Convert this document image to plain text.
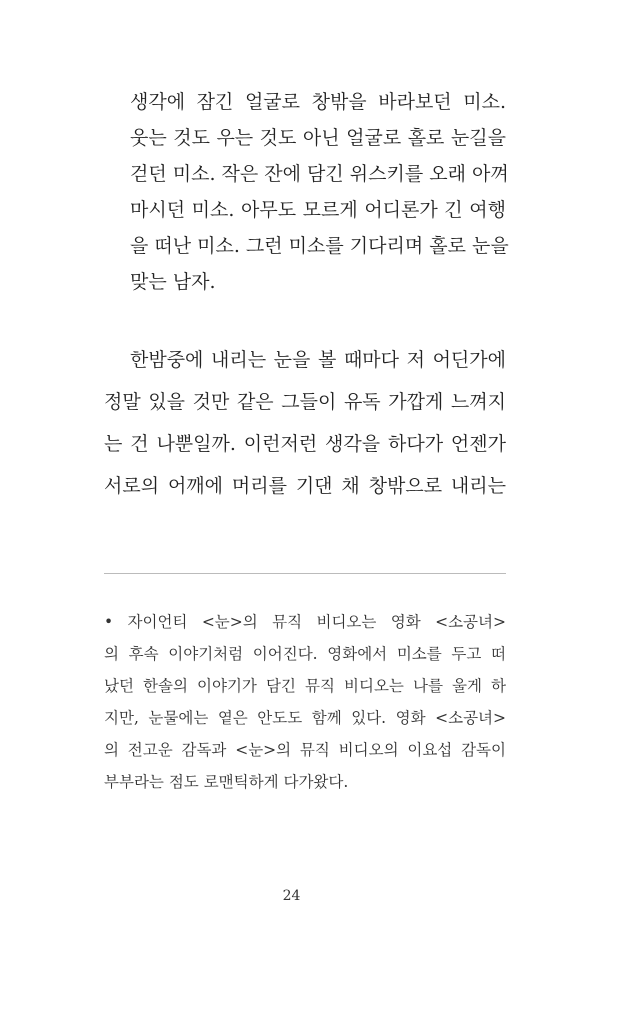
생각에 잠긴 얼굴로 창밖을 바라보던 미소.
웃는 것도 우는 것도 아닌 얼굴로 홀로 눈길을
걷던 미소. 작은 잔에 담긴 위스키를 오래 아껴
마시던 미소. 아무도 모르게 어디론가 긴 여행
을 떠난 미소. 그런 미소를 기다리며 홀로 눈을
맞는 남자.
한밤중에 내리는 눈을 볼 때마다 저 어딘가에
정말 있을 것만 같은 그들이 유독 가깝게 느껴지
는 건 나뿐일까. 이런저런 생각을 하다가 언젠가
서로의 어깨에 머리를 기댄 채 창밖으로 내리는
• 자이언티 <눈>의 뮤직 비디오는 영화 <소공녀>
의 후속 이야기처럼 이어진다. 영화에서 미소를 두고 떠
났던 한솔의 이야기가 담긴 뮤직 비디오는 나를 울게 하
지만, 눈물에는 옅은 안도도 함께 있다. 영화 <소공녀>
의 전고운 감독과 <눈>의 뮤직 비디오의 이요섭 감독이
부부라는 점도 로맨틱하게 다가왔다.
24
